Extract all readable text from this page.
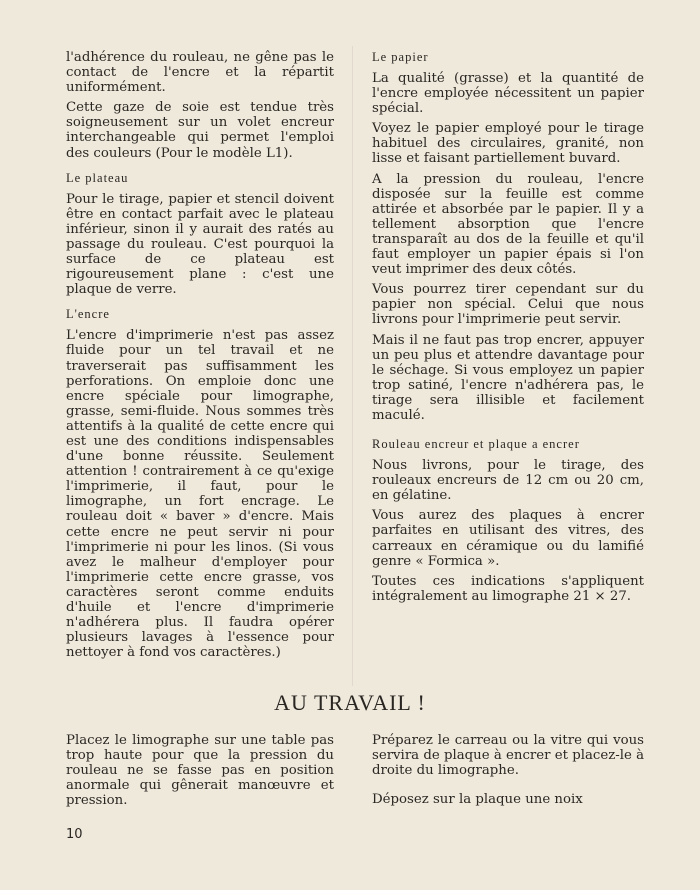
l'adhérence du rouleau, ne gêne pas le contact de l'encre et la répartit uniformément.
Cette gaze de soie est tendue très soigneusement sur un volet encreur interchangeable qui permet l'emploi des couleurs (Pour le modèle L1).
Le plateau
Pour le tirage, papier et stencil doivent être en contact parfait avec le plateau inférieur, sinon il y aurait des ratés au passage du rouleau. C'est pourquoi la surface de ce plateau est rigoureusement plane : c'est une plaque de verre.
L'encre
L'encre d'imprimerie n'est pas assez fluide pour un tel travail et ne traverserait pas suffisamment les perforations. On emploie donc une encre spéciale pour limographe, grasse, semi-fluide. Nous sommes très attentifs à la qualité de cette encre qui est une des conditions indispensables d'une bonne réussite. Seulement attention ! contrairement à ce qu'exige l'imprimerie, il faut, pour le limographe, un fort encrage. Le rouleau doit « baver » d'encre. Mais cette encre ne peut servir ni pour l'imprimerie ni pour les linos. (Si vous avez le malheur d'employer pour l'imprimerie cette encre grasse, vos caractères seront comme enduits d'huile et l'encre d'imprimerie n'adhérera plus. Il faudra opérer plusieurs lavages à l'essence pour nettoyer à fond vos caractères.)
Le papier
La qualité (grasse) et la quantité de l'encre employée nécessitent un papier spécial.
Voyez le papier employé pour le tirage habituel des circulaires, granité, non lisse et faisant partiellement buvard.
A la pression du rouleau, l'encre disposée sur la feuille est comme attirée et absorbée par le papier. Il y a tellement absorption que l'encre transparaît au dos de la feuille et qu'il faut employer un papier épais si l'on veut imprimer des deux côtés.
Vous pourrez tirer cependant sur du papier non spécial. Celui que nous livrons pour l'imprimerie peut servir.
Mais il ne faut pas trop encrer, appuyer un peu plus et attendre davantage pour le séchage. Si vous employez un papier trop satiné, l'encre n'adhérera pas, le tirage sera illisible et facilement maculé.
Rouleau encreur et plaque a encrer
Nous livrons, pour le tirage, des rouleaux encreurs de 12 cm ou 20 cm, en gélatine.
Vous aurez des plaques à encrer parfaites en utilisant des vitres, des carreaux en céramique ou du lamifié genre « Formica ».
Toutes ces indications s'appliquent intégralement au limographe 21 × 27.
AU TRAVAIL !
Placez le limographe sur une table pas trop haute pour que la pression du rouleau ne se fasse pas en position anormale qui gênerait manœuvre et pression.
Préparez le carreau ou la vitre qui vous servira de plaque à encrer et placez-le à droite du limographe.
Déposez sur la plaque une noix
10
